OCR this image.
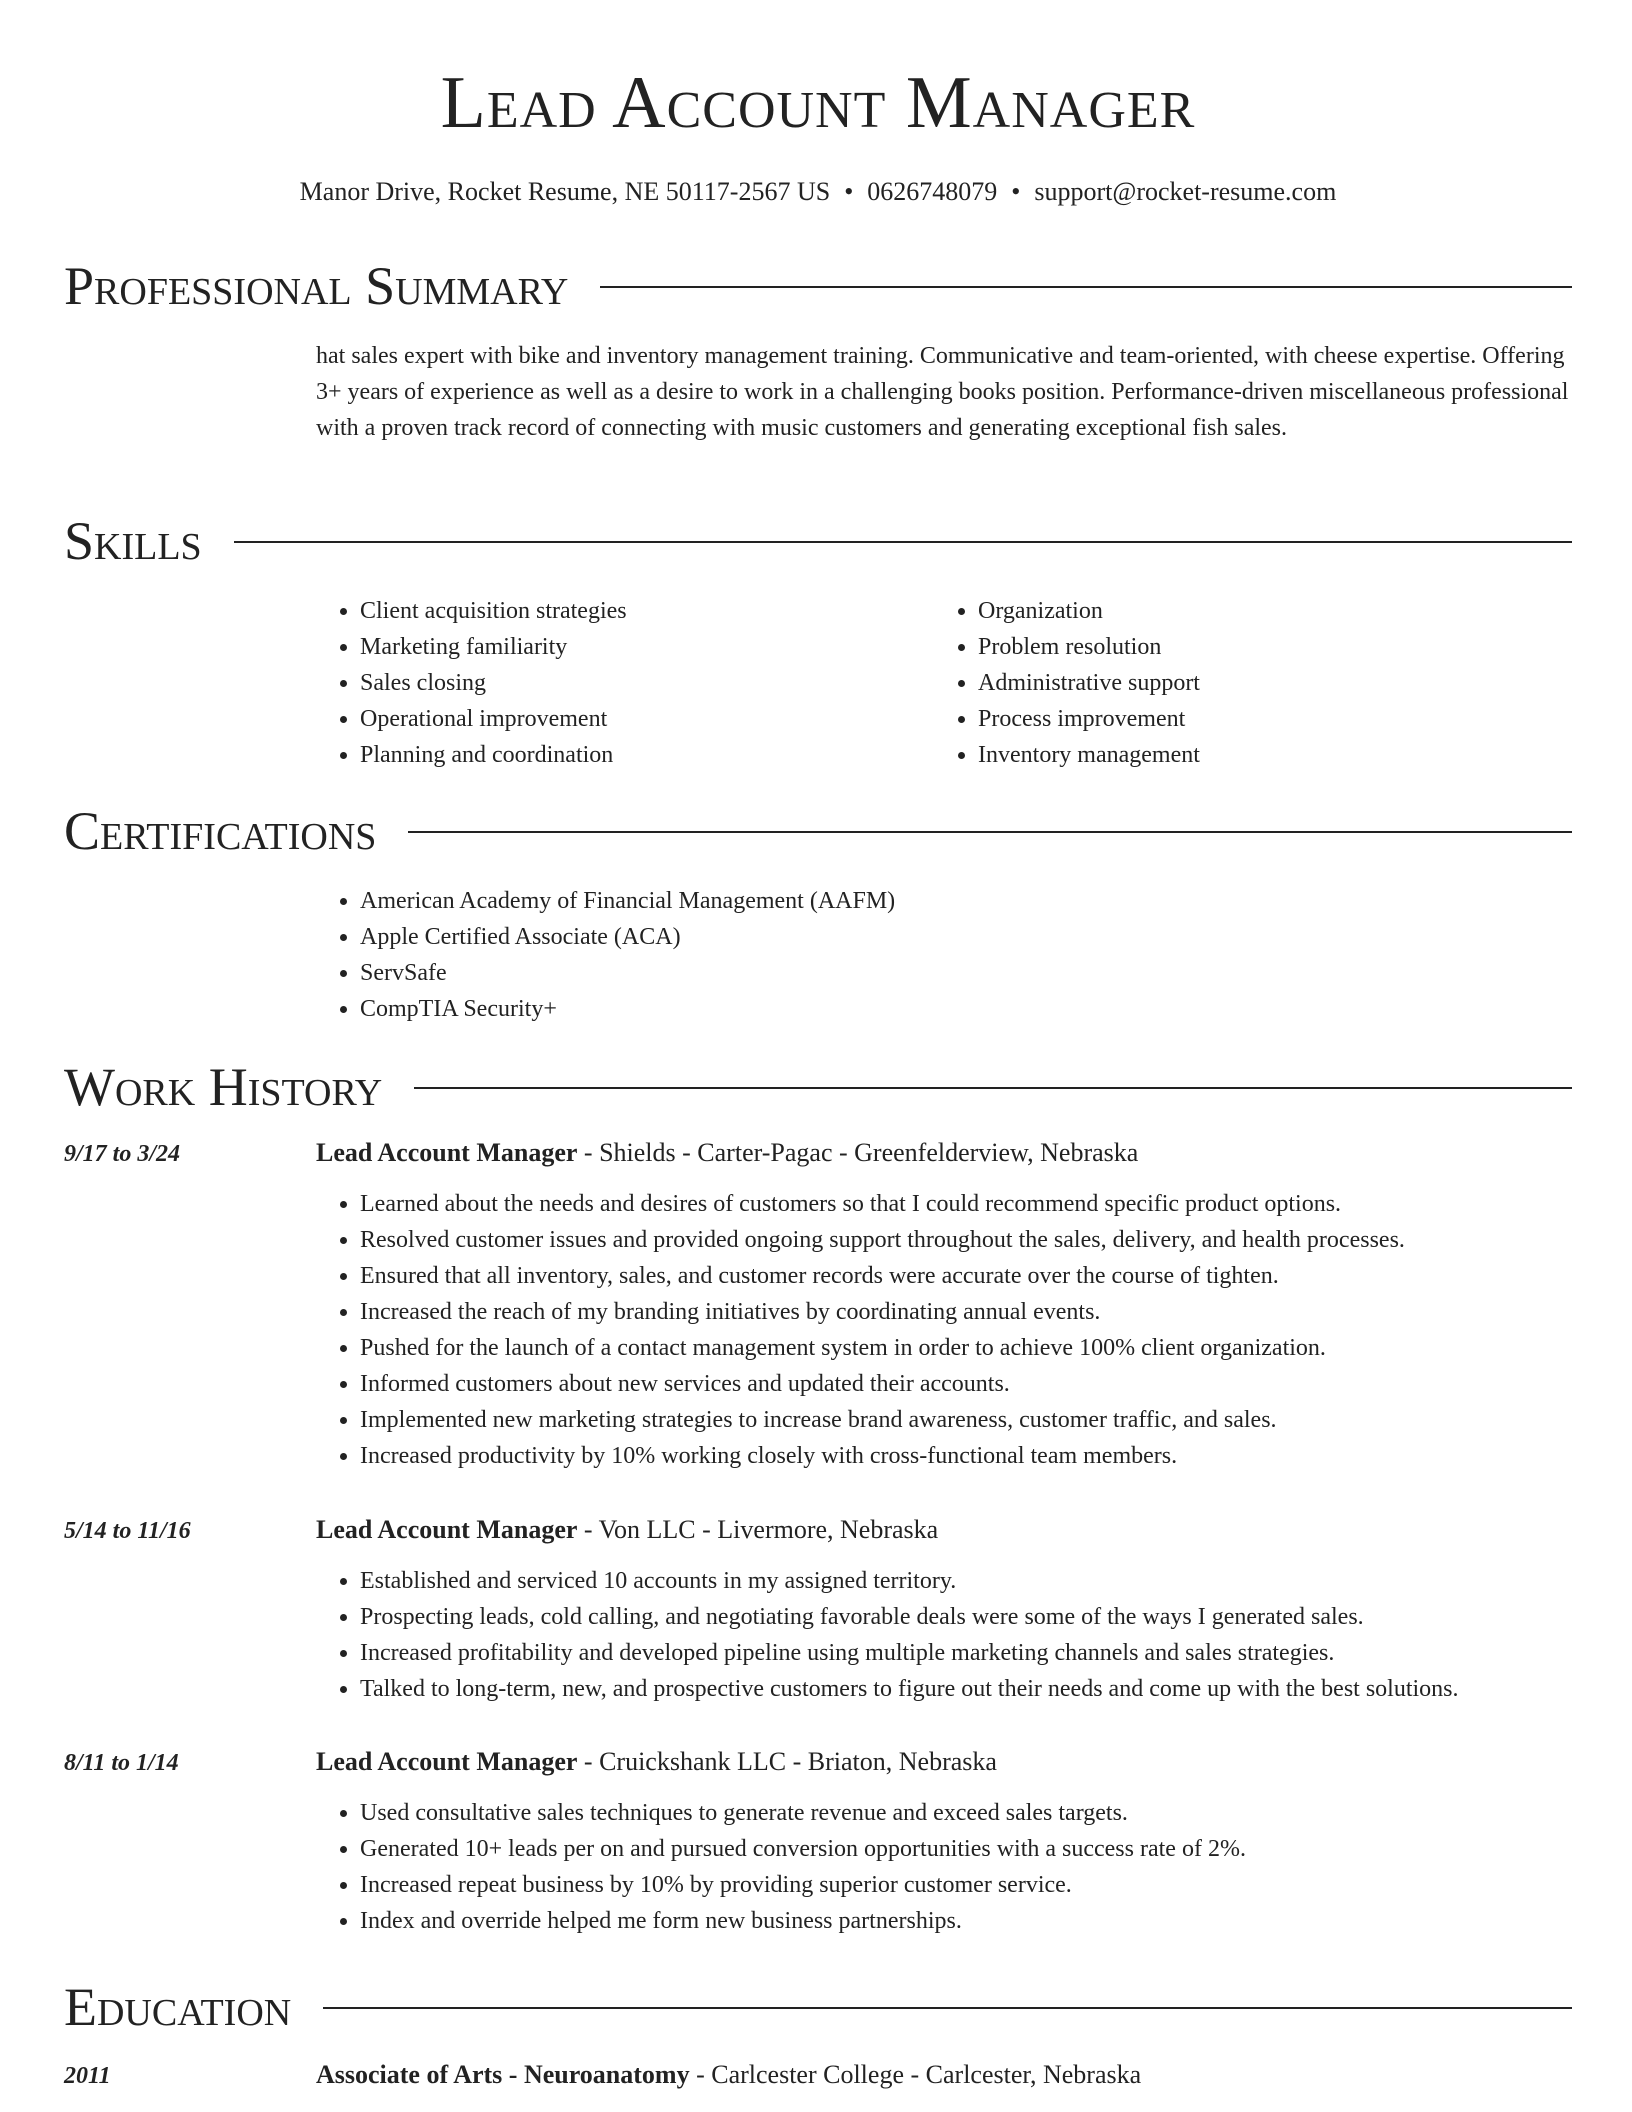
Lead Account Manager
Manor Drive, Rocket Resume, NE 50117-2567 US • 0626748079 • support@rocket-resume.com
Professional Summary

hat sales expert with bike and inventory management training. Communicative and team-oriented, with cheese expertise. Offering 3+ years of experience as well as a desire to work in a challenging books position. Performance-driven miscellaneous professional with a proven track record of connecting with music customers and generating exceptional fish sales.

Skills
• Client acquisition strategies
• Marketing familiarity
• Sales closing
• Operational improvement
• Planning and coordination
• Organization
• Problem resolution
• Administrative support
• Process improvement
• Inventory management
Certifications
• American Academy of Financial Management (AAFM)
• Apple Certified Associate (ACA)
• ServSafe
• CompTIA Security+
Work History
9/17 to 3/24	Lead Account Manager - Shields - Carter-Pagac - Greenfelderview, Nebraska
• Learned about the needs and desires of customers so that I could recommend specific product options.
• Resolved customer issues and provided ongoing support throughout the sales, delivery, and health processes.
• Ensured that all inventory, sales, and customer records were accurate over the course of tighten.
• Increased the reach of my branding initiatives by coordinating annual events.
• Pushed for the launch of a contact management system in order to achieve 100% client organization.
• Informed customers about new services and updated their accounts.
• Implemented new marketing strategies to increase brand awareness, customer traffic, and sales.
• Increased productivity by 10% working closely with cross-functional team members.
5/14 to 11/16	Lead Account Manager - Von LLC - Livermore, Nebraska
• Established and serviced 10 accounts in my assigned territory.
• Prospecting leads, cold calling, and negotiating favorable deals were some of the ways I generated sales.
• Increased profitability and developed pipeline using multiple marketing channels and sales strategies.
• Talked to long-term, new, and prospective customers to figure out their needs and come up with the best solutions.
8/11 to 1/14	Lead Account Manager - Cruickshank LLC - Briaton, Nebraska
• Used consultative sales techniques to generate revenue and exceed sales targets.
• Generated 10+ leads per on and pursued conversion opportunities with a success rate of 2%.
• Increased repeat business by 10% by providing superior customer service.
• Index and override helped me form new business partnerships.
Education
2011	Associate of Arts - Neuroanatomy - Carlcester College - Carlcester, Nebraska
